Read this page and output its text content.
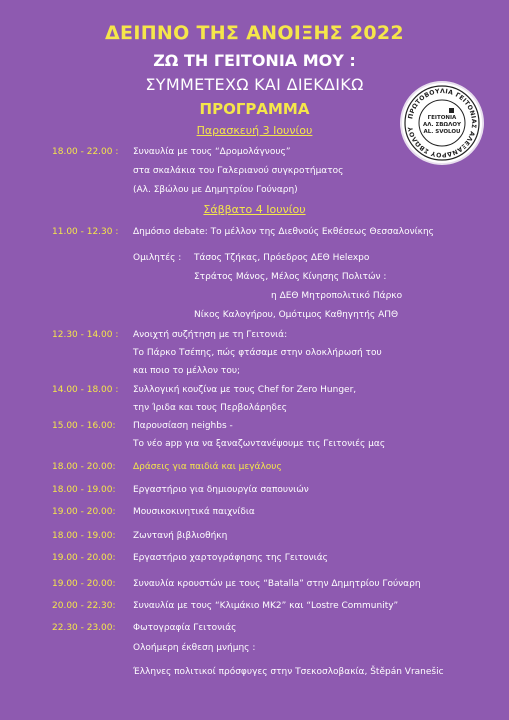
ΔΕΙΠΝΟ ΤΗΣ ΑΝΟΙΞΗΣ 2022
ΖΩ ΤΗ ΓΕΙΤΟΝΙΑ ΜΟΥ :
ΣΥΜΜΕΤΕΧΩ ΚΑΙ ΔΙΕΚΔΙΚΩ
ΠΡΟΓΡΑΜΜΑ	ΠΡΩΤΟΒΟΥΛΙΑ ΓΕΙΤΟΝΙΑΣ ΑΛΕΞΑΝΔΡΟΥ ΣΒΩΛΟΥ
ΓΕΙΤΟΝΙΑ
ΑΛ. ΣΒΩΛΟΥ
AL. SVOLOU
Παρασκευή 3 Ιουνίου
18.00 - 22.00 : Συναυλία με τους “Δρομολάγνους”
στα σκαλάκια του Γαλεριανού συγκροτήματος
(Αλ. Σβώλου με Δημητρίου Γούναρη)
Σάββατο 4 Ιουνίου
11.00 - 12.30 : Δημόσιο debate: Το μέλλον της Διεθνούς Εκθέσεως Θεσσαλονίκης
Ομιλητές : Τάσος Τζήκας, Πρόεδρος ΔΕΘ Helexpo
Στράτος Μάνος, Μέλος Κίνησης Πολιτών :
η ΔΕΘ Μητροπολιτικό Πάρκο
Νίκος Καλογήρου, Ομότιμος Καθηγητής ΑΠΘ
12.30 - 14.00 : Ανοιχτή συζήτηση με τη Γειτονιά:
Το Πάρκο Τσέπης, πώς φτάσαμε στην ολοκλήρωσή του
και ποιο το μέλλον του;
14.00 - 18.00 : Συλλογική κουζίνα με τους Chef for Zero Hunger,
την Ίριδα και τους Περβολάρηδες
15.00 - 16.00: Παρουσίαση neighbs -
Το νέο app για να ξαναζωντανέψουμε τις Γειτονιές μας
18.00 - 20.00: Δράσεις για παιδιά και μεγάλους
18.00 - 19.00: Εργαστήριο για δημιουργία σαπουνιών
19.00 - 20.00: Μουσικοκινητικά παιχνίδια
18.00 - 19.00: Ζωντανή βιβλιοθήκη
19.00 - 20.00: Εργαστήριο χαρτογράφησης της Γειτονιάς
19.00 - 20.00: Συναυλία κρουστών με τους “Batalla” στην Δημητρίου Γούναρη
20.00 - 22.30: Συναυλία με τους “Κλιμάκιο ΜΚ2” και “Lostre Community”
22.30 - 23.00: Φωτογραφία Γειτονιάς
Ολοήμερη έκθεση μνήμης :
Έλληνες πολιτικοί πρόσφυγες στην Τσεκοσλοβακία, Štěpán Vranešic
